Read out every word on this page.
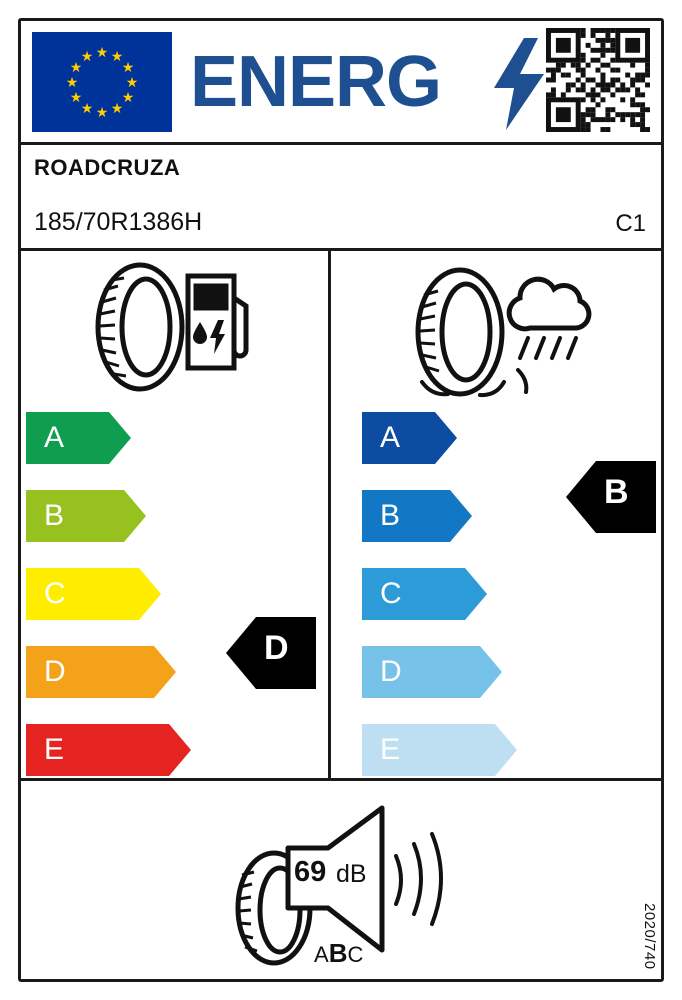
★ ★
★
★
★
★
★
★
★
★
★
★ ENERG
ROADCRUZA
185/70R1386H	C1
A
B
C
D
E
D
A
B
C
D
E
B
69 dB
ABC	2020/740
